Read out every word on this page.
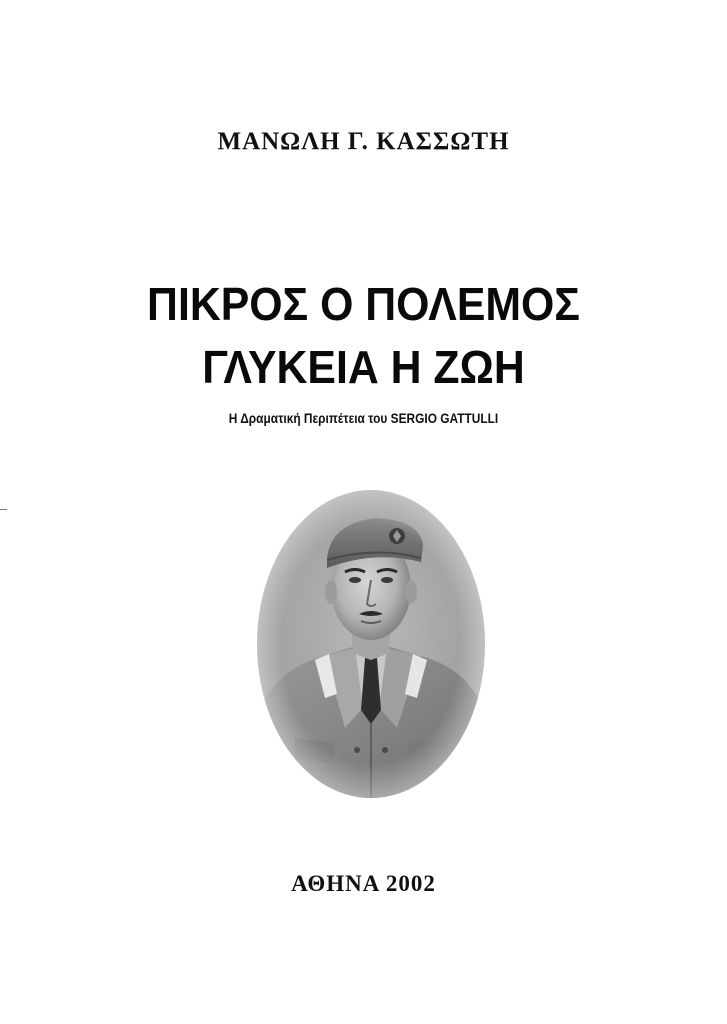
ΜΑΝΩΛΗ Γ. ΚΑΣΣΩΤΗ
ΠΙΚΡΟΣ Ο ΠΟΛΕΜΟΣ
ΓΛΥΚΕΙΑ Η ΖΩΗ
Η Δραματική Περιπέτεια του SERGIO GATTULLI
ΑΘΗΝΑ 2002
